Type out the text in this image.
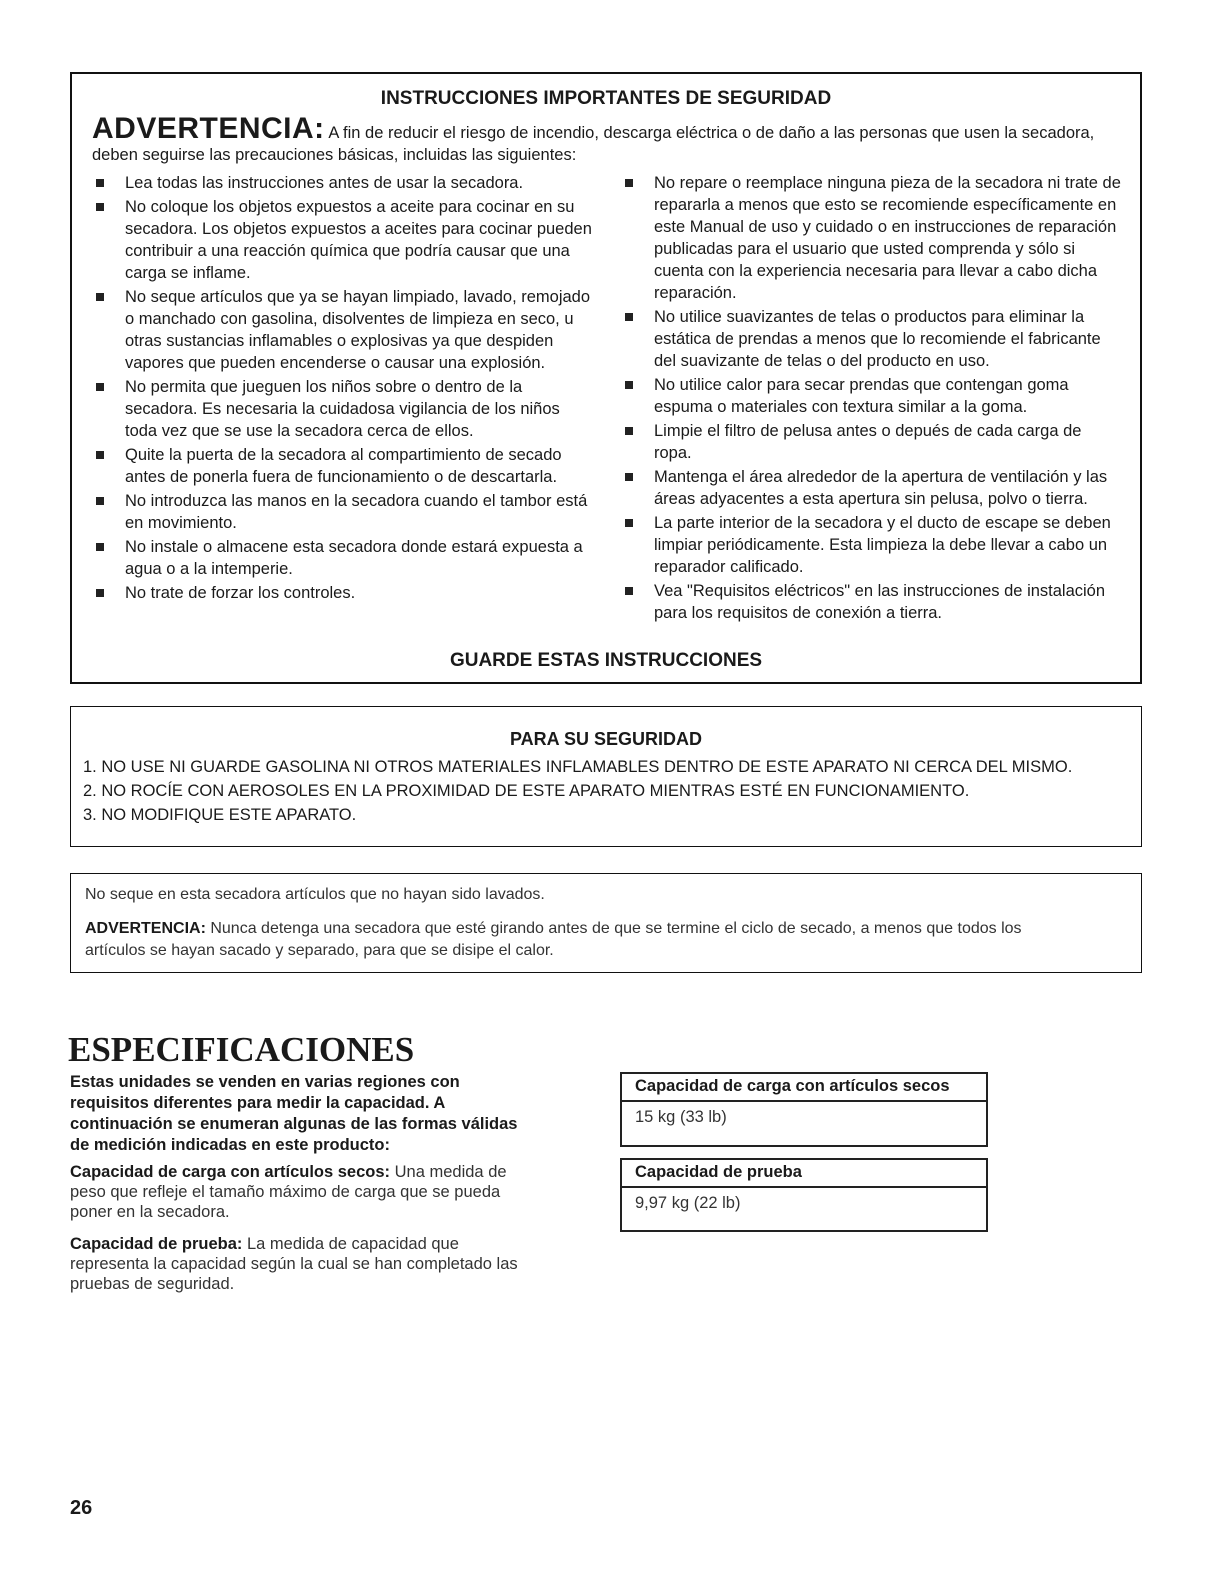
INSTRUCCIONES IMPORTANTES DE SEGURIDAD
ADVERTENCIA: A fin de reducir el riesgo de incendio, descarga eléctrica o de daño a las personas que usen la secadora, deben seguirse las precauciones básicas, incluidas las siguientes:
Lea todas las instrucciones antes de usar la secadora.
No coloque los objetos expuestos a aceite para cocinar en su secadora. Los objetos expuestos a aceites para cocinar pueden contribuir a una reacción química que podría causar que una carga se inflame.
No seque artículos que ya se hayan limpiado, lavado, remojado o manchado con gasolina, disolventes de limpieza en seco, u otras sustancias inflamables o explosivas ya que despiden vapores que pueden encenderse o causar una explosión.
No permita que jueguen los niños sobre o dentro de la secadora. Es necesaria la cuidadosa vigilancia de los niños toda vez que se use la secadora cerca de ellos.
Quite la puerta de la secadora al compartimiento de secado antes de ponerla fuera de funcionamiento o de descartarla.
No introduzca las manos en la secadora cuando el tambor está en movimiento.
No instale o almacene esta secadora donde estará expuesta a agua o a la intemperie.
No trate de forzar los controles.
No repare o reemplace ninguna pieza de la secadora ni trate de repararla a menos que esto se recomiende específicamente en este Manual de uso y cuidado o en instrucciones de reparación publicadas para el usuario que usted comprenda y sólo si cuenta con la experiencia necesaria para llevar a cabo dicha reparación.
No utilice suavizantes de telas o productos para eliminar la estática de prendas a menos que lo recomiende el fabricante del suavizante de telas o del producto en uso.
No utilice calor para secar prendas que contengan goma espuma o materiales con textura similar a la goma.
Limpie el filtro de pelusa antes o depués de cada carga de ropa.
Mantenga el área alrededor de la apertura de ventilación y las áreas adyacentes a esta apertura sin pelusa, polvo o tierra.
La parte interior de la secadora y el ducto de escape se deben limpiar periódicamente. Esta limpieza la debe llevar a cabo un reparador calificado.
Vea "Requisitos eléctricos" en las instrucciones de instalación para los requisitos de conexión a tierra.
GUARDE ESTAS INSTRUCCIONES
PARA SU SEGURIDAD
1. NO USE NI GUARDE GASOLINA NI OTROS MATERIALES INFLAMABLES DENTRO DE ESTE APARATO NI CERCA DEL MISMO.
2. NO ROCÍE CON AEROSOLES EN LA PROXIMIDAD DE ESTE APARATO MIENTRAS ESTÉ EN FUNCIONAMIENTO.
3. NO MODIFIQUE ESTE APARATO.

No seque en esta secadora artículos que no hayan sido lavados.

ADVERTENCIA: Nunca detenga una secadora que esté girando antes de que se termine el ciclo de secado, a menos que todos los artículos se hayan sacado y separado, para que se disipe el calor.

ESPECIFICACIONES

Estas unidades se venden en varias regiones con requisitos diferentes para medir la capacidad. A continuación se enumeran algunas de las formas válidas de medición indicadas en este producto:

Capacidad de carga con artículos secos: Una medida de peso que refleje el tamaño máximo de carga que se pueda poner en la secadora.

Capacidad de prueba: La medida de capacidad que representa la capacidad según la cual se han completado las pruebas de seguridad.

Capacidad de carga con artículos secos
15 kg (33 lb)
Capacidad de prueba
9,97 kg (22 lb)

26
